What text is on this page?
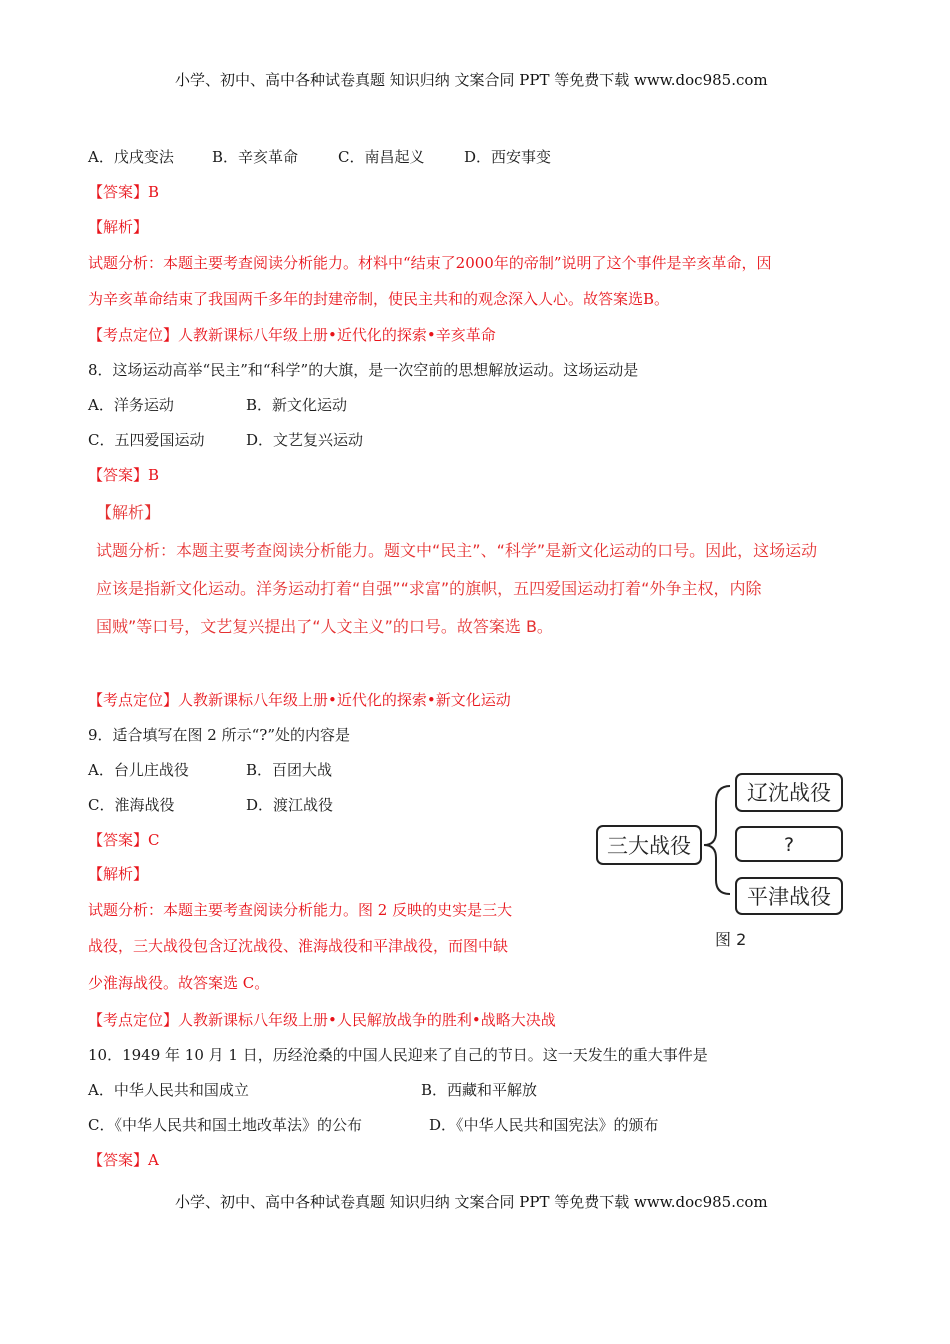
小学、初中、高中各种试卷真题 知识归纳 文案合同 PPT 等免费下载 www.doc985.com
A．戊戌变法	B．辛亥革命	C．南昌起义	D．西安事变
【答案】B
【解析】
试题分析：本题主要考查阅读分析能力。材料中“结束了2000年的帝制”说明了这个事件是辛亥革命，因
为辛亥革命结束了我国两千多年的封建帝制，使民主共和的观念深入人心。故答案选B。
【考点定位】人教新课标八年级上册•近代化的探索•辛亥革命
8．这场运动高举“民主”和“科学”的大旗，是一次空前的思想解放运动。这场运动是
A．洋务运动	B．新文化运动
C．五四爱国运动	D．文艺复兴运动
【答案】B
【解析】
试题分析：本题主要考查阅读分析能力。题文中“民主”、“科学”是新文化运动的口号。因此，这场运动
应该是指新文化运动。洋务运动打着“自强”“求富”的旗帜，五四爱国运动打着“外争主权，内除
国贼”等口号，文艺复兴提出了“人文主义”的口号。故答案选 B。
【考点定位】人教新课标八年级上册•近代化的探索•新文化运动
9．适合填写在图 2 所示“?”处的内容是
A．台儿庄战役	B．百团大战
C．淮海战役	D．渡江战役
【答案】C
【解析】
试题分析：本题主要考查阅读分析能力。图 2 反映的史实是三大
战役，三大战役包含辽沈战役、淮海战役和平津战役，而图中缺
少淮海战役。故答案选 C。
【考点定位】人教新课标八年级上册•人民解放战争的胜利•战略大决战
三大战役
辽沈战役
?
平津战役
图 2
10．1949 年 10 月 1 日，历经沧桑的中国人民迎来了自己的节日。这一天发生的重大事件是
A．中华人民共和国成立	B．西藏和平解放
C．《中华人民共和国土地改革法》的公布	D．《中华人民共和国宪法》的颁布
【答案】A
小学、初中、高中各种试卷真题 知识归纳 文案合同 PPT 等免费下载 www.doc985.com
